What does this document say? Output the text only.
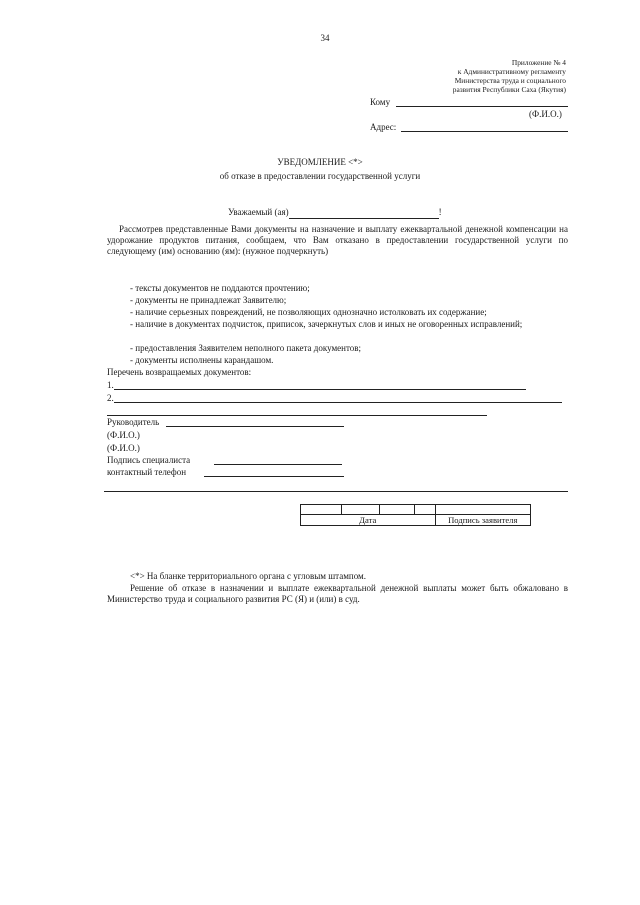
34
Приложение № 4
к Административному регламенту
Министерства труда и социального
развития Республики Саха (Якутия)
Кому
(Ф.И.О.)
Адрес:
УВЕДОМЛЕНИЕ <*>
об отказе в предоставлении государственной услуги
Уважаемый (ая)	!
Рассмотрев представленные Вами документы на назначение и выплату ежеквартальной денежной компенсации на удорожание продуктов питания, сообщаем, что Вам отказано в предоставлении государственной услуги по следующему (им) основанию (ям): (нужное подчеркнуть)
- тексты документов не поддаются прочтению;
- документы не принадлежат Заявителю;
- наличие серьезных повреждений, не позволяющих однозначно истолковать их содержание;
- наличие в документах подчисток, приписок, зачеркнутых слов и иных не оговоренных исправлений;
- предоставления Заявителем неполного пакета документов;
- документы исполнены карандашом.
Перечень возвращаемых документов:
1.
2.
Руководитель
(Ф.И.О.)
(Ф.И.О.)
Подпись специалиста
контактный телефон

Дата				Подпись заявителя
<*> На бланке территориального органа с угловым штампом.
Решение об отказе в назначении и выплате ежеквартальной денежной выплаты может быть обжаловано в Министерство труда и социального развития РС (Я) и (или) в суд.
